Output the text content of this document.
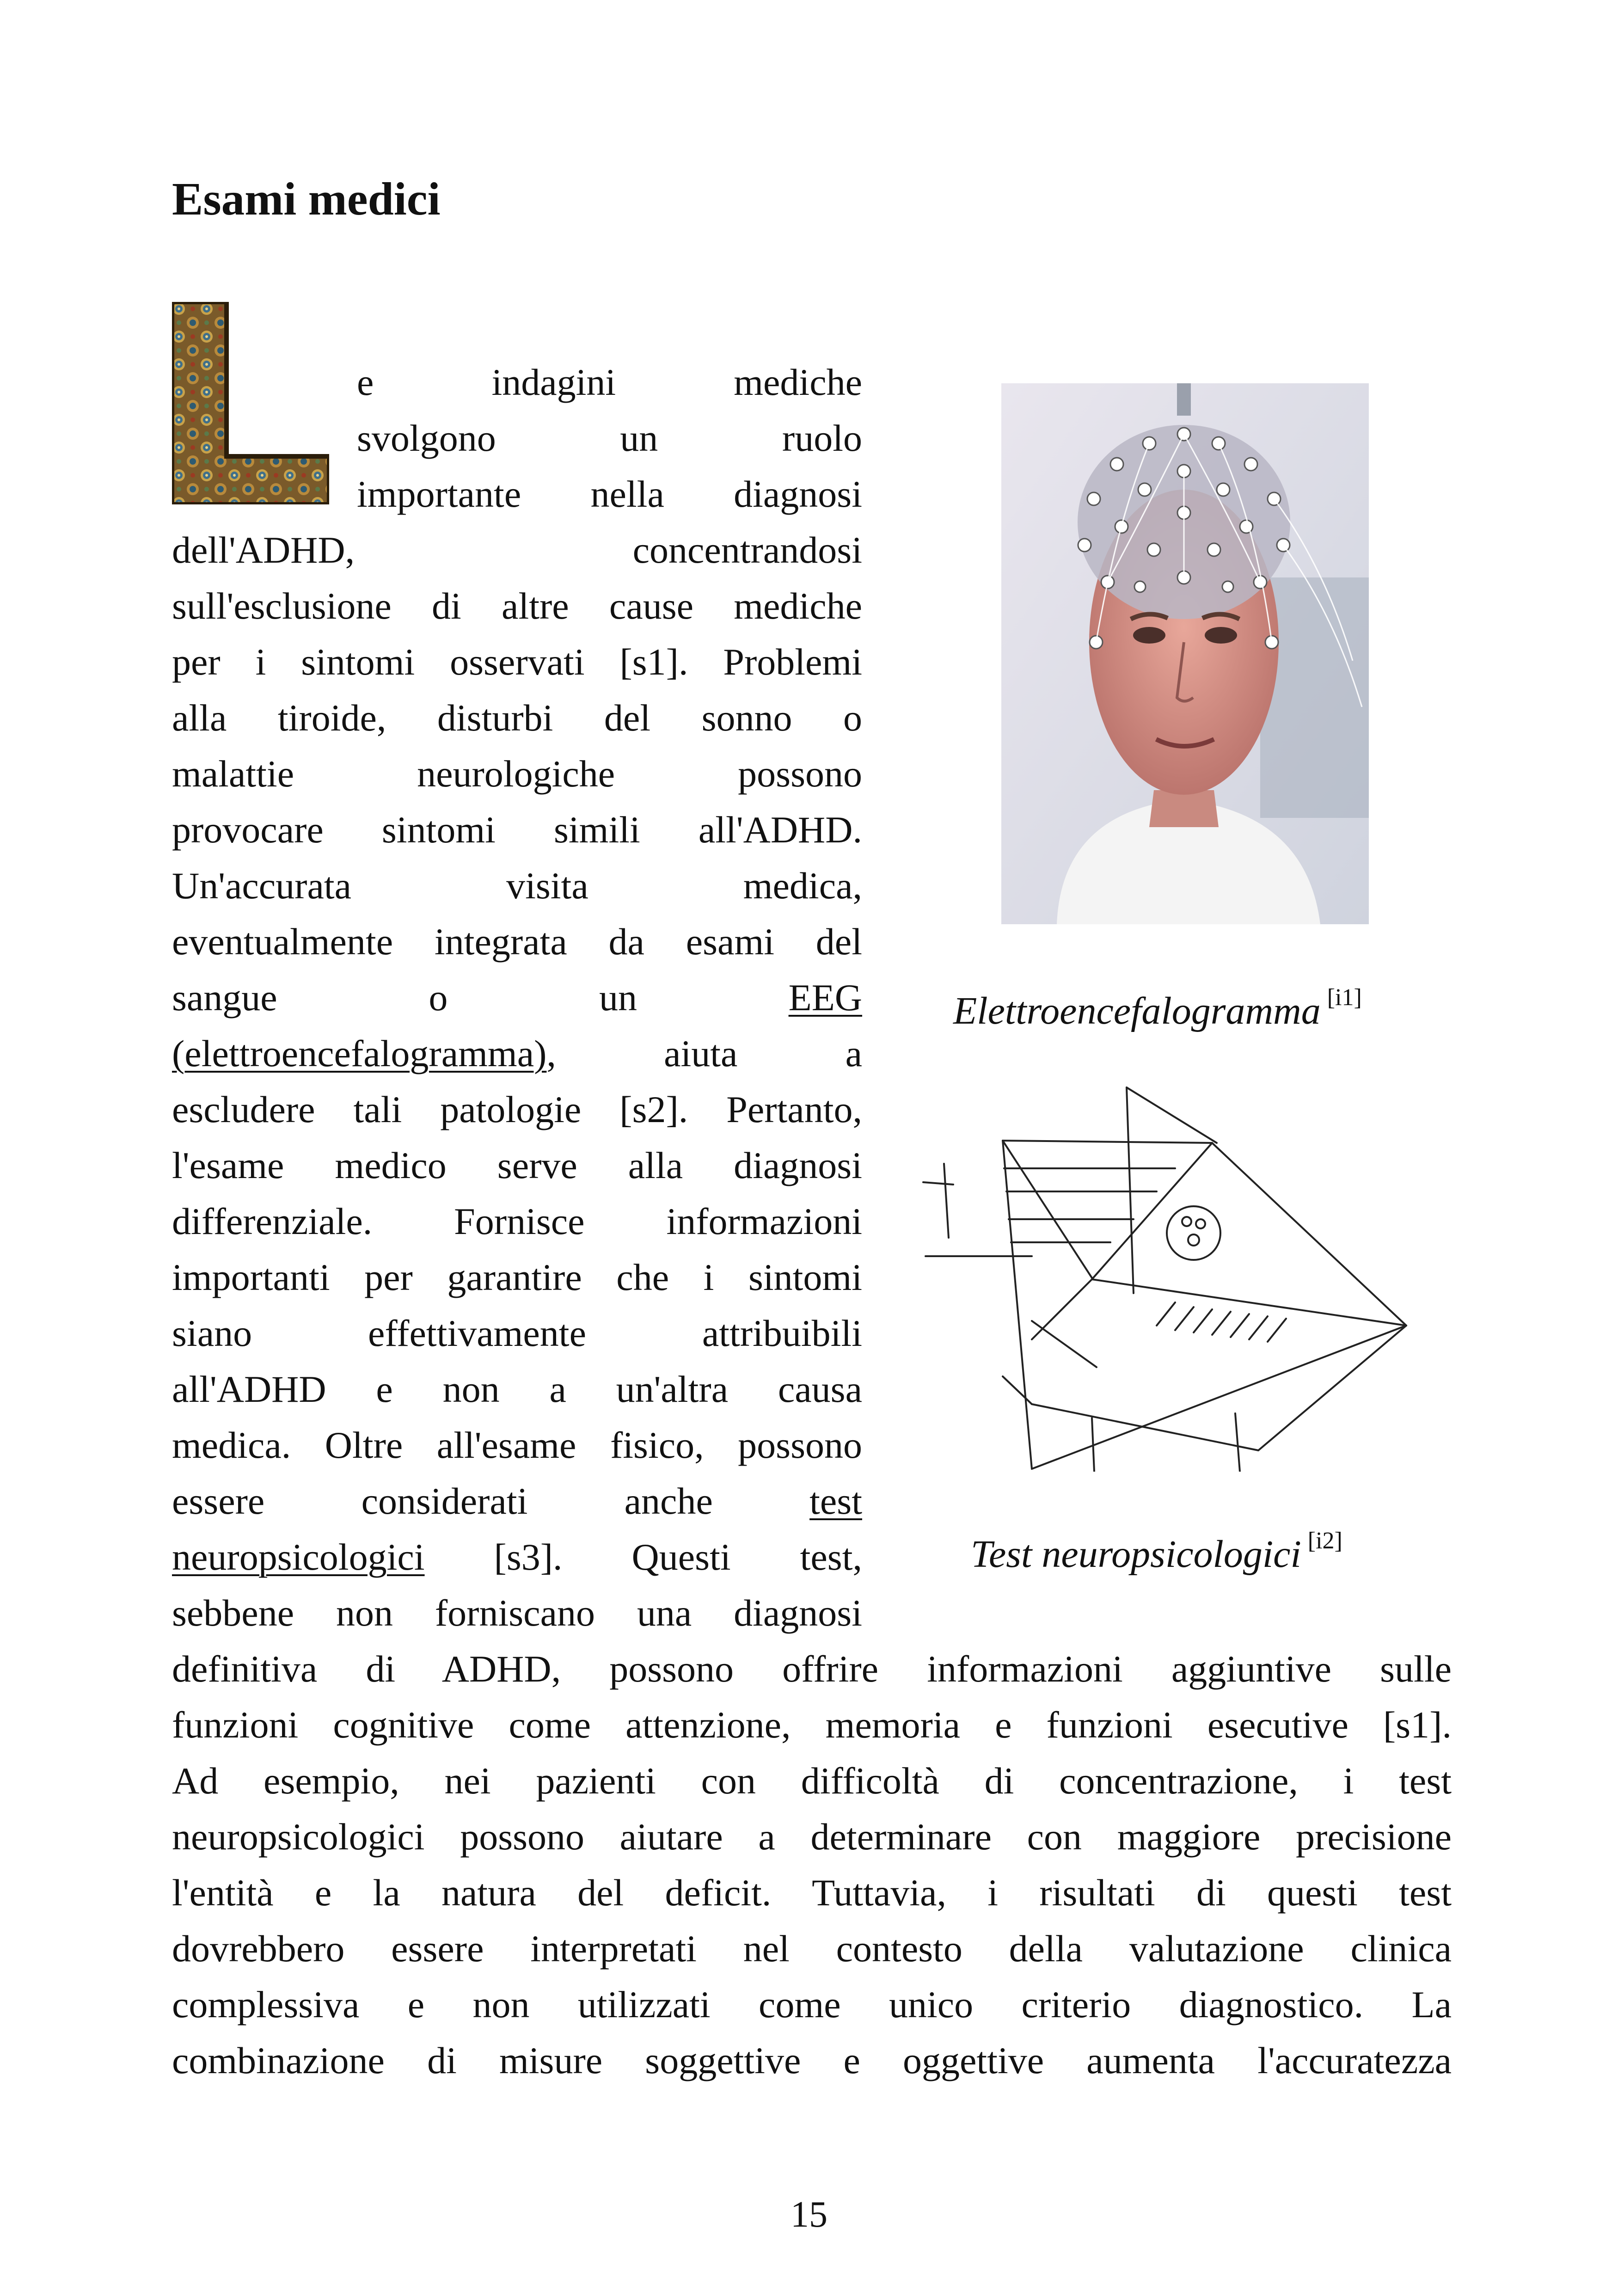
Esami medici
e indagini mediche
svolgono un ruolo
importante nella diagnosi
dell'ADHD, concentrandosi
sull'esclusione di altre cause mediche
per i sintomi osservati [s1]. Problemi
alla tiroide, disturbi del sonno o
malattie neurologiche possono
provocare sintomi simili all'ADHD.
Un'accurata visita medica,
eventualmente integrata da esami del
sangue	o	un	EEG
(elettroencefalogramma),	aiuta	a
escludere tali patologie [s2]. Pertanto,
l'esame medico serve alla diagnosi
differenziale. Fornisce informazioni
importanti per garantire che i sintomi
siano effettivamente attribuibili
all'ADHD e non a un'altra causa
medica. Oltre all'esame fisico, possono
essere	considerati	anche	test
neuropsicologici [s3]. Questi test,
sebbene non forniscano una diagnosi
definitiva di ADHD, possono offrire informazioni aggiuntive sulle
funzioni cognitive come attenzione, memoria e funzioni esecutive [s1].
Ad esempio, nei pazienti con difficoltà di concentrazione, i test
neuropsicologici possono aiutare a determinare con maggiore precisione
l'entità e la natura del deficit. Tuttavia, i risultati di questi test
dovrebbero essere interpretati nel contesto della valutazione clinica
complessiva e non utilizzati come unico criterio diagnostico. La
combinazione di misure soggettive e oggettive aumenta l'accuratezza
Elettroencefalogramma [i1]
Test neuropsicologici [i2]
15
